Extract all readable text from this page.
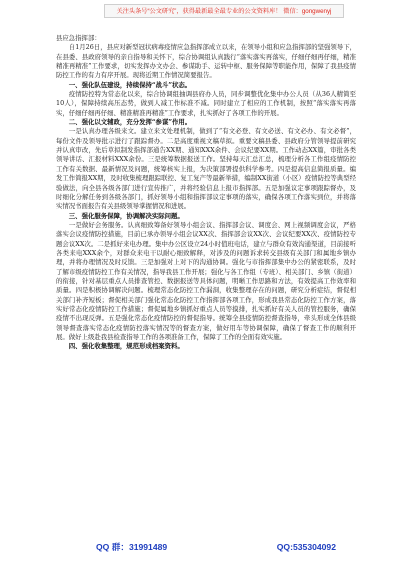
关注头条号“公文研究”，获得最新最全最专业的公文资料库！ 微信：gongwenyj

县应急指挥部：

自1月26日，县应对新型冠状病毒疫情应急指挥部成立以来，在领导小组和应急指挥部的坚强领导下，在县委、县政府领导的亲自指导和关怀下，综合协调组认真践行“落实落实再落实，仔细仔细再仔细，精准精准再精准”工作要求，切实发挥办文办会、参谋助手、运转中枢、服务保障等职能作用，保障了我县疫情防控工作的有力有序开展。现将近期工作情况简要报告。

一、强化队伍建设，持续保持“战斗”状态。

疫情防控特为常态化以来，综合协调组抽调县府办人员，同步调整优化集中办公人员（从36人精简至10人），保障持续高压态势，做到人减工作标准不减。同时建立了相应的工作机制，按照“落实落实再落实，仔细仔细再仔细、精准精准再精准”工作要求，扎实抓好了各项工作的开展。

二、强化以文辅政，充分发挥“参谋”作用。

一是认真办理各级来文。建立来文处理机制，做到了“有文必登、有文必送、有文必办、有文必督”，每份文件及领导批示进行了跟踪督办。二是高度重视文稿草拟。重要文稿县委、县政府分管领导提前研究并认真审改，先后草拟制发指挥部通告XX期、通知XXX余件、会议纪要XX期。工作动态XX篇，审批各类领导讲话、汇报材料XXX余份。三是统筹数据报送工作。坚持每天汇总汇总，梳理分析各工作组疫情防控工作有关数据、最新情况及问题，统筹核实上报，为决策部署提供科学参考。四是提高信息简报质量。编发工作简报XX期，及时收集梳理跟踪联控、复工复产等最新举措，编制XX街道（小区）疫情防控等典型经验做法，向全县各级各部门进行宣传推广，并将经验信息上报市指挥部。五是加强议定事项跟踪督办，及时细化分解任务到各级各部门，抓好领导小组和指挥部议定事项的落实，确保各项工作落实到位，并将落实情况书面报告有关县级领导掌握情况和进展。

三、强化服务保障，协调解决实际问题。

一是做好会务服务。认真细致筹备好领导小组会议、指挥部会议、调度会、网上视频调度会议，严格落实会议疫情防控措施，目前已承办领导小组会议XX次、指挥部会议XX次、会议纪要XX次、疫情防控专题会议XX次。二是抓好来电办理。集中办公区设立24小时值班电话，建立与群众有效沟通渠道，目前接听各类来电XXX余个，对群众来电干以耐心细致解释，对涉及的问题诉求转交县级有关部门和属地乡镇办理，并将办理情况及时反馈。三是加强对上对下的沟通协调。强化与市指挥部集中办公的紧密联系，及时了解市级疫情防控工作有关情况，指导我县工作开展；强化与各工作组（专班）、相关部门、乡镇（街道）的衔接，针对基层重点人员排查管控、数据报送等具体问题，明晰工作思路和方法，有效提高工作效率和质量。四是积极协调解决问题。梳理常态化防控工作漏洞，收集整理存在的问题，研究分析症结，督促相关部门补齐短板；督促相关部门强化常态化防控工作指挥部各项工作，形成我县常态化防控工作方案，落实好常态化疫情防控工作措施；督促属地乡镇抓好重点人员等摸排，扎实抓好有关人员的管控服务，确保疫情不出现反弹。五是强化常态化疫情防控的督促指导。统筹全县疫情防控督查指导，牵头形成全体县级领导督查落实常态化疫情防控落实情况等的督查方案，做好用车等协调保障，确保了督查工作的顺利开展。做好上级赴我县检查指导工作的各项准备工作，保障了工作的全面有效实施。

四、强化收集整理，规范形成档案资料。

QQ 群：31991489	QQ:535304092
